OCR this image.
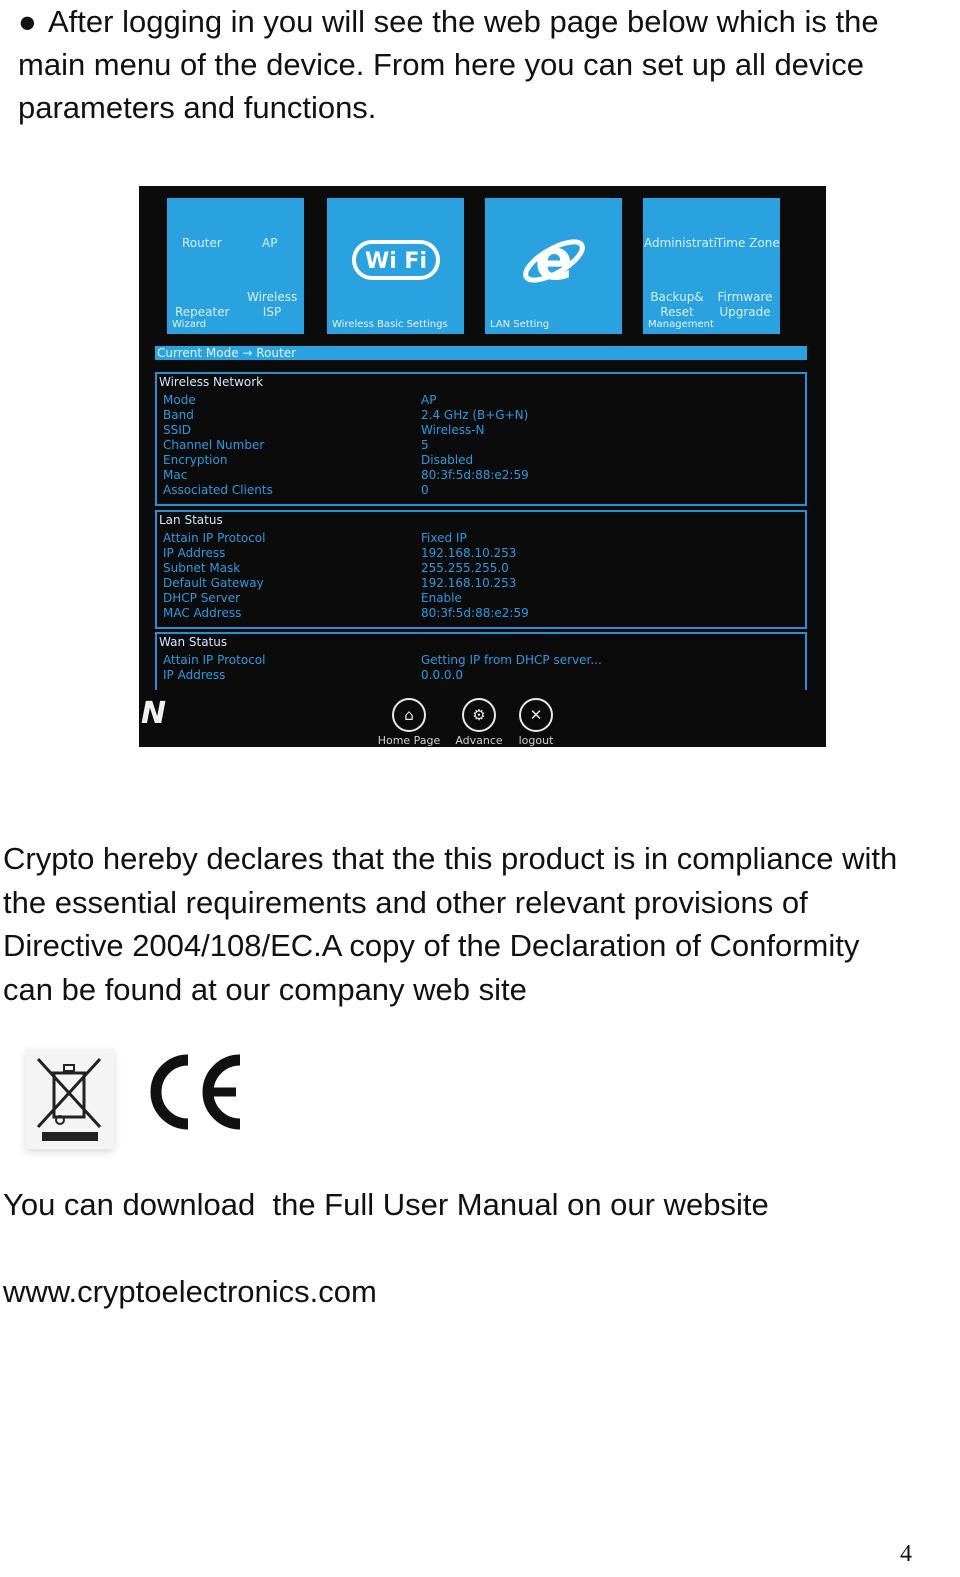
● After logging in you will see the web page below which is the
main menu of the device. From here you can set up all device
parameters and functions.
Router	AP
Repeater
Wireless ISP
Wizard
Wi Fi
Wireless Basic Settings
e
LAN Setting
Administrati Time Zone
Backup& Reset
Firmware Upgrade
Management
Current Mode → Router
Wireless Network
Mode	AP
Band	2.4 GHz (B+G+N)
SSID	Wireless-N
Channel Number	5
Encryption	Disabled
Mac	80:3f:5d:88:e2:59
Associated Clients	0
Lan Status
Attain IP Protocol	Fixed IP
IP Address	192.168.10.253
Subnet Mask	255.255.255.0
Default Gateway	192.168.10.253
DHCP Server	Enable
MAC Address	80:3f:5d:88:e2:59
Wan Status
Attain IP Protocol	Getting IP from DHCP server...
IP Address	0.0.0.0
N	⌂
Home Page
⚙
Advance
✕
logout
Crypto hereby declares that the this product is in compliance with
the essential requirements and other relevant provisions of
Directive 2004/108/EC.A copy of the Declaration of Conformity
can be found at our company web site

You can download  the Full User Manual on our website

www.cryptoelectronics.com

4
